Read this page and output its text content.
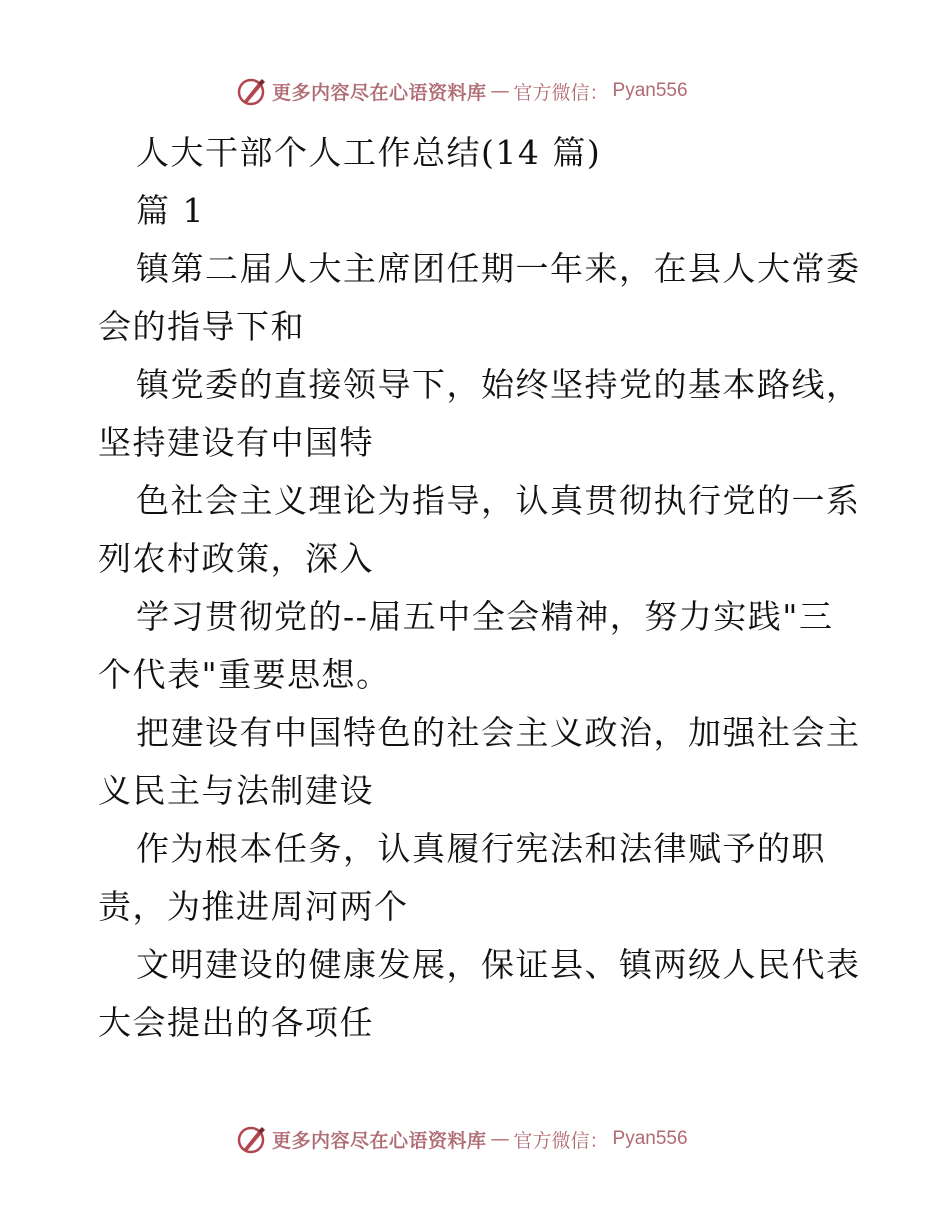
更多内容尽在心语资料库 — 官方微信： Pyan556
人大干部个人工作总结(14 篇)
篇 1
镇第二届人大主席团任期一年来，在县人大常委
会的指导下和
镇党委的直接领导下，始终坚持党的基本路线，
坚持建设有中国特
色社会主义理论为指导，认真贯彻执行党的一系
列农村政策，深入
学习贯彻党的--届五中全会精神，努力实践"三
个代表"重要思想。
把建设有中国特色的社会主义政治，加强社会主
义民主与法制建设
作为根本任务，认真履行宪法和法律赋予的职
责，为推进周河两个
文明建设的健康发展，保证县、镇两级人民代表
大会提出的各项任
更多内容尽在心语资料库 — 官方微信： Pyan556
